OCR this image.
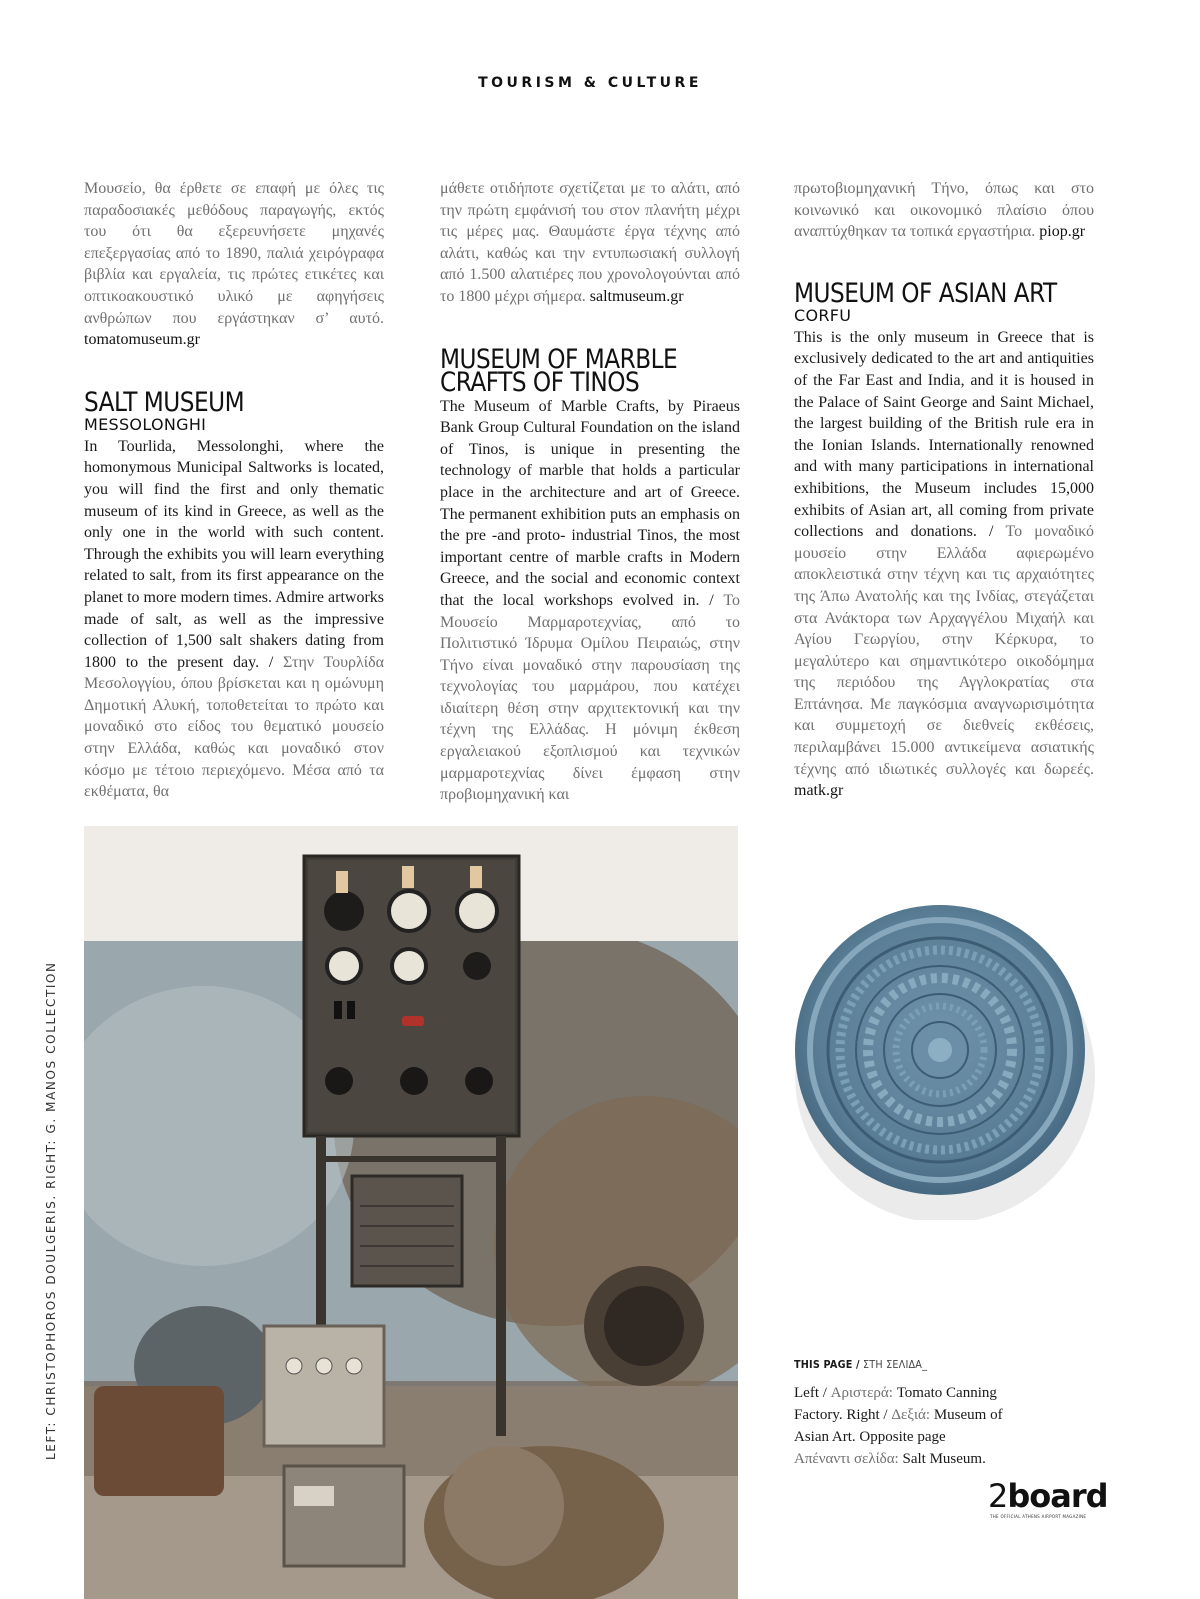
TOURISM & CULTURE

Μουσείο, θα έρθετε σε επαφή με όλες τις παραδοσιακές μεθόδους παραγωγής, εκτός του ότι θα εξερευνήσετε μηχανές επεξεργασίας από το 1890, παλιά χειρόγραφα βιβλία και εργαλεία, τις πρώτες ετικέτες και οπτικοακουστικό υλικό με αφηγήσεις ανθρώπων που εργάστηκαν σ’ αυτό. tomatomuseum.gr

SALT MUSEUM
MESSOLONGHI

In Tourlida, Messolonghi, where the homonymous Municipal Saltworks is located, you will find the first and only thematic museum of its kind in Greece, as well as the only one in the world with such content. Through the exhibits you will learn everything related to salt, from its first appearance on the planet to more modern times. Admire artworks made of salt, as well as the impressive collection of 1,500 salt shakers dating from 1800 to the present day. / Στην Τουρλίδα Μεσολογγίου, όπου βρίσκεται και η ομώνυμη Δημοτική Αλυκή, τοποθετείται το πρώτο και μοναδικό στο είδος του θεματικό μουσείο στην Ελλάδα, καθώς και μοναδικό στον κόσμο με τέτοιο περιεχόμενο. Μέσα από τα εκθέματα, θα

μάθετε οτιδήποτε σχετίζεται με το αλάτι, από την πρώτη εμφάνισή του στον πλανήτη μέχρι τις μέρες μας. Θαυμάστε έργα τέχνης από αλάτι, καθώς και την εντυπωσιακή συλλογή από 1.500 αλατιέρες που χρονολογούνται από το 1800 μέχρι σήμερα. saltmuseum.gr

MUSEUM OF MARBLE
CRAFTS OF TINOS

The Museum of Marble Crafts, by Piraeus Bank Group Cultural Foundation on the island of Tinos, is unique in presenting the technology of marble that holds a particular place in the architecture and art of Greece. The permanent exhibition puts an emphasis on the pre -and proto- industrial Tinos, the most important centre of marble crafts in Modern Greece, and the social and economic context that the local workshops evolved in. / Το Μουσείο Μαρμαροτεχνίας, από το Πολιτιστικό Ίδρυμα Ομίλου Πειραιώς, στην Τήνο είναι μοναδικό στην παρουσίαση της τεχνολογίας του μαρμάρου, που κατέχει ιδιαίτερη θέση στην αρχιτεκτονική και την τέχνη της Ελλάδας. Η μόνιμη έκθεση εργαλειακού εξοπλισμού και τεχνικών μαρμαροτεχνίας δίνει έμφαση στην προβιομηχανική και

πρωτοβιομηχανική Τήνο, όπως και στο κοινωνικό και οικονομικό πλαίσιο όπου αναπτύχθηκαν τα τοπικά εργαστήρια. piop.gr

MUSEUM OF ASIAN ART
CORFU

This is the only museum in Greece that is exclusively dedicated to the art and antiquities of the Far East and India, and it is housed in the Palace of Saint George and Saint Michael, the largest building of the British rule era in the Ionian Islands. Internationally renowned and with many participations in international exhibitions, the Museum includes 15,000 exhibits of Asian art, all coming from private collections and donations. / Το μοναδικό μουσείο στην Ελλάδα αφιερωμένο αποκλειστικά στην τέχνη και τις αρχαιότητες της Άπω Ανατολής και της Ινδίας, στεγάζεται στα Ανάκτορα των Αρχαγγέλου Μιχαήλ και Αγίου Γεωργίου, στην Κέρκυρα, το μεγαλύτερο και σημαντικότερο οικοδόμημα της περιόδου της Αγγλοκρατίας στα Επτάνησα. Με παγκόσμια αναγνωρισιμότητα και συμμετοχή σε διεθνείς εκθέσεις, περιλαμβάνει 15.000 αντικείμενα ασιατικής τέχνης από ιδιωτικές συλλογές και δωρεές. matk.gr

LEFT: CHRISTOPHOROS DOULGERIS. RIGHT: G. MANOS COLLECTION	THIS PAGE / ΣΤΗ ΣΕΛΙΔΑ_
Left / Αριστερά: Tomato Canning Factory. Right / Δεξιά: Museum of Asian Art. Opposite page
Απέναντι σελίδα: Salt Museum.
2board
THE OFFICIAL ATHENS AIRPORT MAGAZINE
